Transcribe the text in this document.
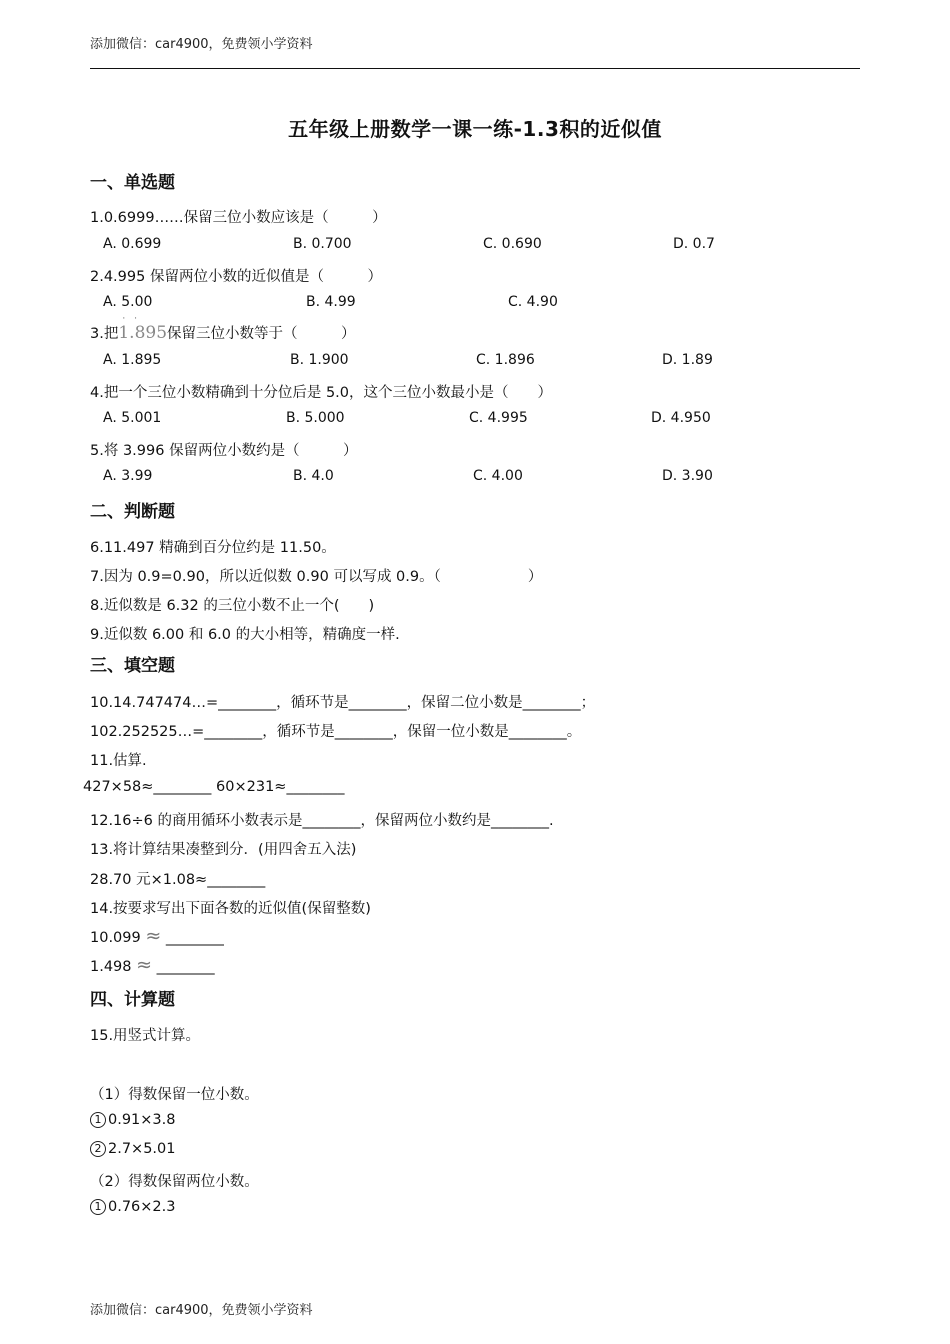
添加微信：car4900，免费领小学资料
五年级上册数学一课一练-1.3积的近似值
一、单选题
1.0.6999……保留三位小数应该是（　　　）
A. 0.699	B. 0.700	C. 0.690	D. 0.7
2.4.995 保留两位小数的近似值是（　　　）
A. 5.00	B. 4.99	C. 4.90
3.把
· ·
1.895保留三位小数等于（　　　）
A. 1.895	B. 1.900	C. 1.896	D. 1.89
4.把一个三位小数精确到十分位后是 5.0，这个三位小数最小是（　　）
A. 5.001	B. 5.000	C. 4.995	D. 4.950
5.将 3.996 保留两位小数约是（　　　）
A. 3.99	B. 4.0	C. 4.00	D. 3.90
二、判断题
6.11.497 精确到百分位约是 11.50。
7.因为 0.9=0.90，所以近似数 0.90 可以写成 0.9。（　　　　　　）
8.近似数是 6.32 的三位小数不止一个(　　)
9.近似数 6.00 和 6.0 的大小相等，精确度一样.
三、填空题
10.14.747474…=________，循环节是________，保留二位小数是________；
102.252525…=________，循环节是________，保留一位小数是________。
11.估算.
427×58≈________ 60×231≈________
12.16÷6 的商用循环小数表示是________，保留两位小数约是________.
13.将计算结果凑整到分．(用四舍五入法)
28.70 元×1.08≈________
14.按要求写出下面各数的近似值(保留整数)
10.099 ≈ ________
1.498 ≈ ________
四、计算题
15.用竖式计算。
（1）得数保留一位小数。
1 0.91×3.8
2 2.7×5.01
（2）得数保留两位小数。
1 0.76×2.3
添加微信：car4900，免费领小学资料
